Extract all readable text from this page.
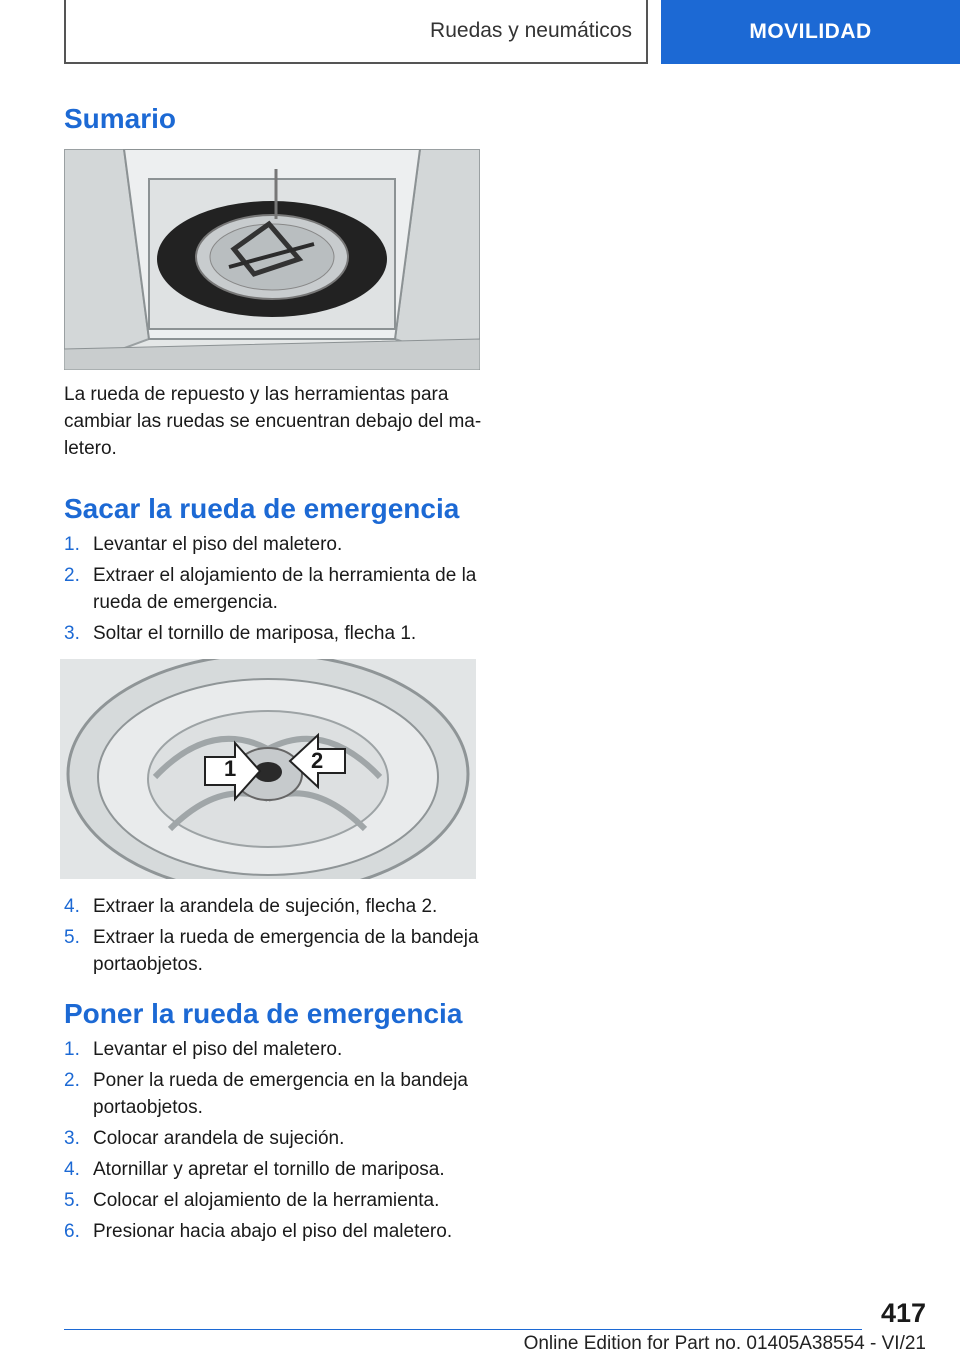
Ruedas y neumáticos	MOVILIDAD
Sumario
La rueda de repuesto y las herramientas para cambiar las ruedas se encuentran debajo del maletero.
Sacar la rueda de emergencia
1. Levantar el piso del maletero.
2. Extraer el alojamiento de la herramienta de la rueda de emergencia.
3. Soltar el tornillo de mariposa, flecha 1.
1	2
4. Extraer la arandela de sujeción, flecha 2.
5. Extraer la rueda de emergencia de la bandeja portaobjetos.
Poner la rueda de emergencia
1. Levantar el piso del maletero.
2. Poner la rueda de emergencia en la bandeja portaobjetos.
3. Colocar arandela de sujeción.
4. Atornillar y apretar el tornillo de mariposa.
5. Colocar el alojamiento de la herramienta.
6. Presionar hacia abajo el piso del maletero.
417
Online Edition for Part no. 01405A38554 - VI/21
